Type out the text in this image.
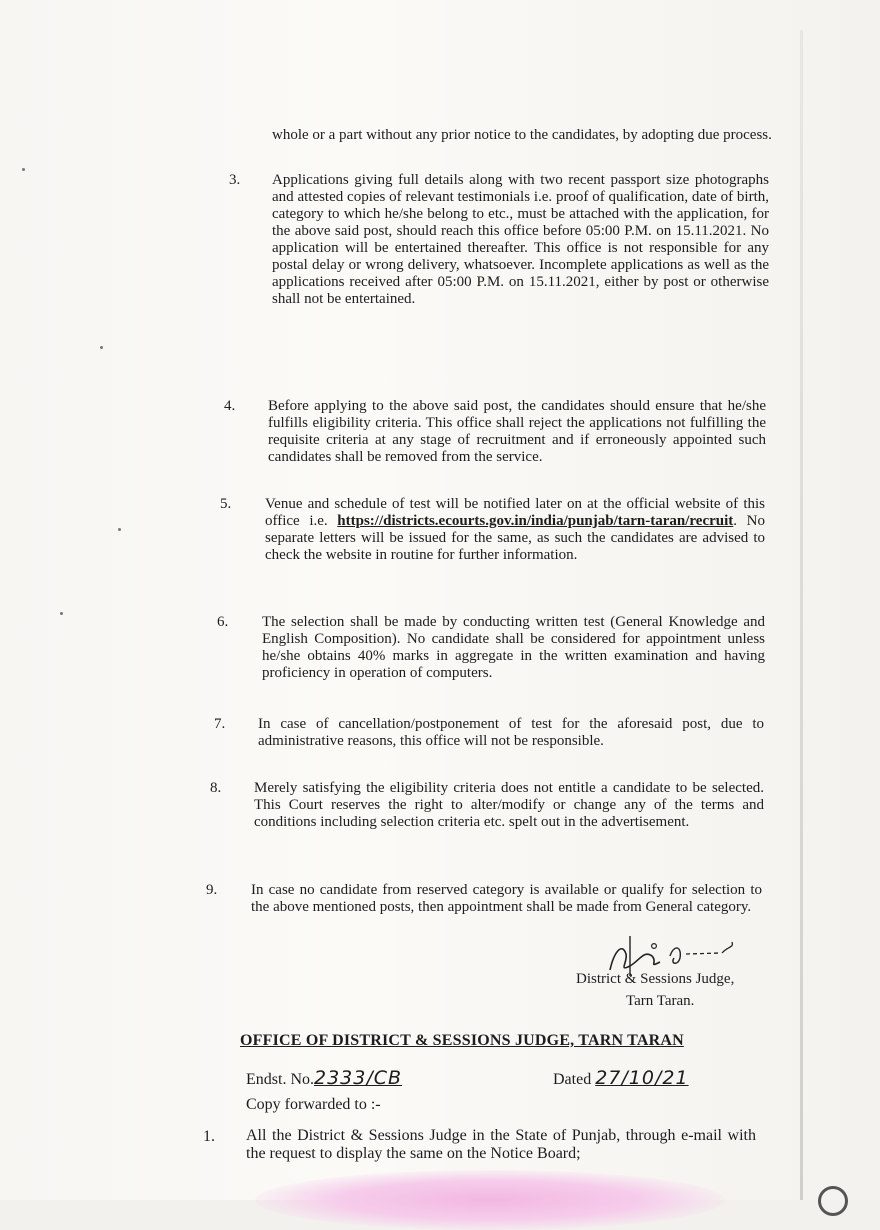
whole or a part without any prior notice to the candidates, by adopting due process.
3. Applications giving full details along with two recent passport size photographs and attested copies of relevant testimonials i.e. proof of qualification, date of birth, category to which he/she belong to etc., must be attached with the application, for the above said post, should reach this office before 05:00 P.M. on 15.11.2021. No application will be entertained thereafter. This office is not responsible for any postal delay or wrong delivery, whatsoever. Incomplete applications as well as the applications received after 05:00 P.M. on 15.11.2021, either by post or otherwise shall not be entertained.
4. Before applying to the above said post, the candidates should ensure that he/she fulfills eligibility criteria. This office shall reject the applications not fulfilling the requisite criteria at any stage of recruitment and if erroneously appointed such candidates shall be removed from the service.
5. Venue and schedule of test will be notified later on at the official website of this office i.e. https://districts.ecourts.gov.in/india/punjab/tarn-taran/recruit. No separate letters will be issued for the same, as such the candidates are advised to check the website in routine for further information.
6. The selection shall be made by conducting written test (General Knowledge and English Composition). No candidate shall be considered for appointment unless he/she obtains 40% marks in aggregate in the written examination and having proficiency in operation of computers.
7. In case of cancellation/postponement of test for the aforesaid post, due to administrative reasons, this office will not be responsible.
8. Merely satisfying the eligibility criteria does not entitle a candidate to be selected. This Court reserves the right to alter/modify or change any of the terms and conditions including selection criteria etc. spelt out in the advertisement.
9. In case no candidate from reserved category is available or qualify for selection to the above mentioned posts, then appointment shall be made from General category.
District & Sessions Judge,
Tarn Taran.
OFFICE OF DISTRICT & SESSIONS JUDGE, TARN TARAN
Endst. No.2333/CB	Dated 27/10/21
Copy forwarded to :-
1. All the District & Sessions Judge in the State of Punjab, through e-mail with the request to display the same on the Notice Board;
